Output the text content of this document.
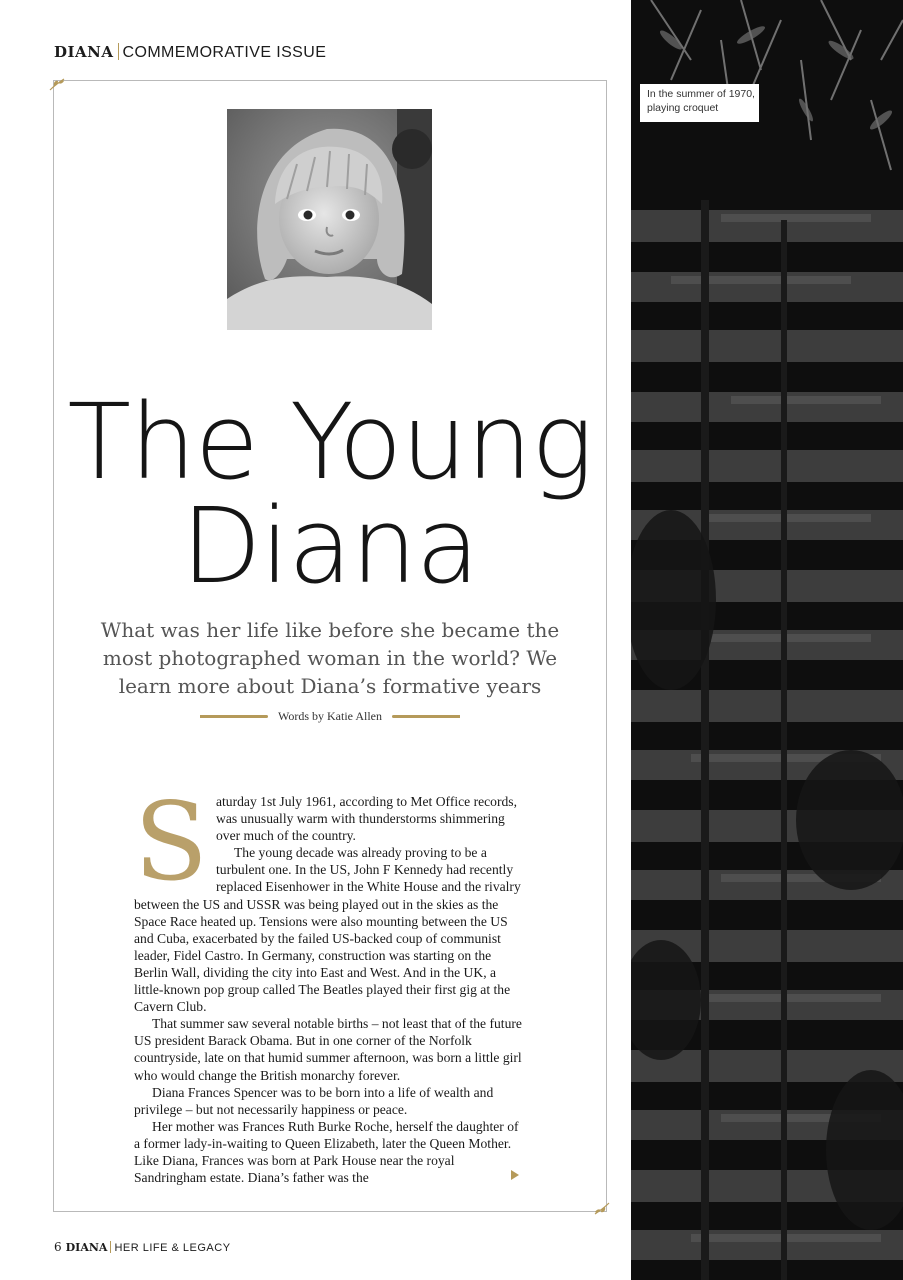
DIANA COMMEMORATIVE ISSUE
The Young
Diana
What was her life like before she became the most photographed woman in the world? We learn more about Diana’s formative years
Words by Katie Allen
S aturday 1st July 1961, according to Met Office records, was unusually warm with thunderstorms shimmering over much of the country.

The young decade was already proving to be a turbulent one. In the US, John F Kennedy had recently replaced Eisenhower in the White House and the rivalry between the US and USSR was being played out in the skies as the Space Race heated up. Tensions were also mounting between the US and Cuba, exacerbated by the failed US-backed coup of communist leader, Fidel Castro. In Germany, construction was starting on the Berlin Wall, dividing the city into East and West. And in the UK, a little-known pop group called The Beatles played their first gig at the Cavern Club.

That summer saw several notable births – not least that of the future US president Barack Obama. But in one corner of the Norfolk countryside, late on that humid summer afternoon, was born a little girl who would change the British monarchy forever.

Diana Frances Spencer was to be born into a life of wealth and privilege – but not necessarily happiness or peace.

Her mother was Frances Ruth Burke Roche, herself the daughter of a former lady-in-waiting to Queen Elizabeth, later the Queen Mother. Like Diana, Frances was born at Park House near the royal Sandringham estate. Diana’s father was the

6 DIANA HER LIFE & LEGACY
In the summer of 1970, playing croquet
